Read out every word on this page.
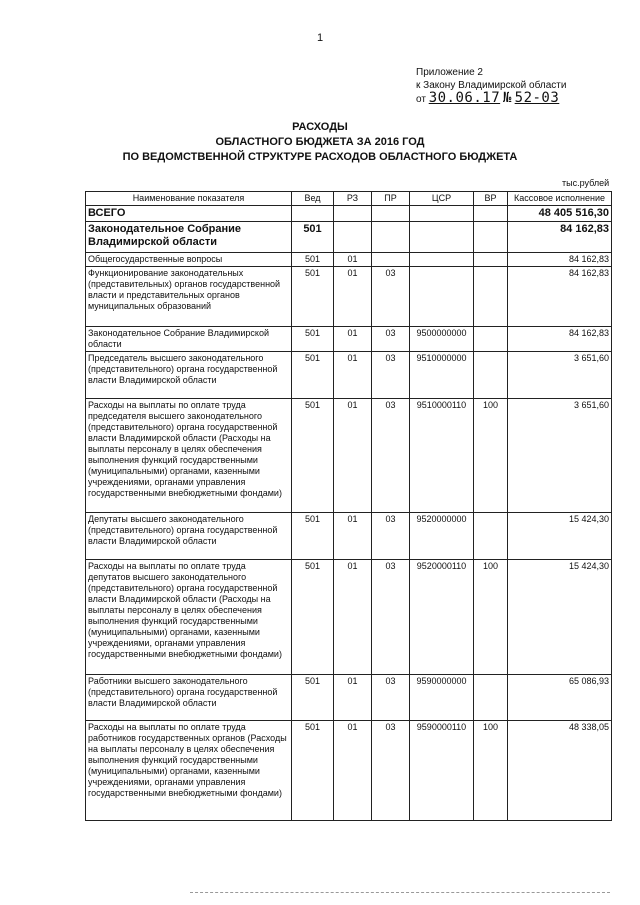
1
Приложение 2
к Закону Владимирской области
от 30.06.17 № 52-03
РАСХОДЫ
ОБЛАСТНОГО БЮДЖЕТА ЗА 2016 ГОД
ПО ВЕДОМСТВЕННОЙ СТРУКТУРЕ РАСХОДОВ ОБЛАСТНОГО БЮДЖЕТА
тыс.рублей
Наименование показателя	Вед	РЗ	ПР	ЦСР	ВР	Кассовое исполнение
ВСЕГО						48 405 516,30
Законодательное Собрание Владимирской области	501					84 162,83
Общегосударственные вопросы	501	01				84 162,83
Функционирование законодательных (представительных) органов государственной власти и представительных органов муниципальных образований	501	01	03			84 162,83
Законодательное Собрание Владимирской области	501	01	03	9500000000		84 162,83
Председатель высшего законодательного (представительного) органа государственной власти Владимирской области	501	01	03	9510000000		3 651,60
Расходы на выплаты по оплате труда председателя высшего законодательного (представительного) органа государственной власти Владимирской области (Расходы на выплаты персоналу в целях обеспечения выполнения функций государственными (муниципальными) органами, казенными учреждениями, органами управления государственными внебюджетными фондами)	501	01	03	9510000110	100	3 651,60
Депутаты высшего законодательного (представительного) органа государственной власти Владимирской области	501	01	03	9520000000		15 424,30
Расходы на выплаты по оплате труда депутатов высшего законодательного (представительного) органа государственной власти Владимирской области (Расходы на выплаты персоналу в целях обеспечения выполнения функций государственными (муниципальными) органами, казенными учреждениями, органами управления государственными внебюджетными фондами)	501	01	03	9520000110	100	15 424,30
Работники высшего законодательного (представительного) органа государственной власти Владимирской области	501	01	03	9590000000		65 086,93
Расходы на выплаты по оплате труда работников государственных органов (Расходы на выплаты персоналу в целях обеспечения выполнения функций государственными (муниципальными) органами, казенными учреждениями, органами управления государственными внебюджетными фондами)	501	01	03	9590000110	100	48 338,05
